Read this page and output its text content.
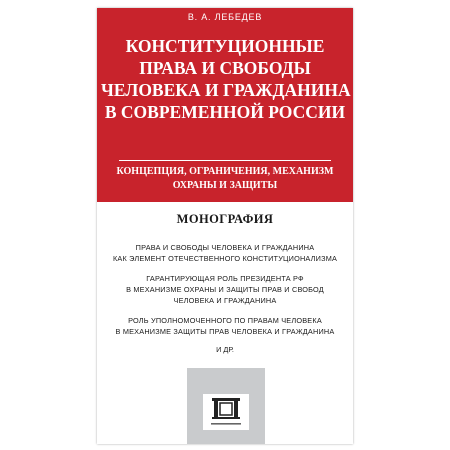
В. А. ЛЕБЕДЕВ
КОНСТИТУЦИОННЫЕ
ПРАВА И СВОБОДЫ
ЧЕЛОВЕКА И ГРАЖДАНИНА
В СОВРЕМЕННОЙ РОССИИ
КОНЦЕПЦИЯ, ОГРАНИЧЕНИЯ, МЕХАНИЗМ
ОХРАНЫ И ЗАЩИТЫ
МОНОГРАФИЯ
ПРАВА И СВОБОДЫ ЧЕЛОВЕКА И ГРАЖДАНИНА
КАК ЭЛЕМЕНТ ОТЕЧЕСТВЕННОГО КОНСТИТУЦИОНАЛИЗМА
ГАРАНТИРУЮЩАЯ РОЛЬ ПРЕЗИДЕНТА РФ
В МЕХАНИЗМЕ ОХРАНЫ И ЗАЩИТЫ ПРАВ И СВОБОД
ЧЕЛОВЕКА И ГРАЖДАНИНА
РОЛЬ УПОЛНОМОЧЕННОГО ПО ПРАВАМ ЧЕЛОВЕКА
В МЕХАНИЗМЕ ЗАЩИТЫ ПРАВ ЧЕЛОВЕКА И ГРАЖДАНИНА
И ДР.
